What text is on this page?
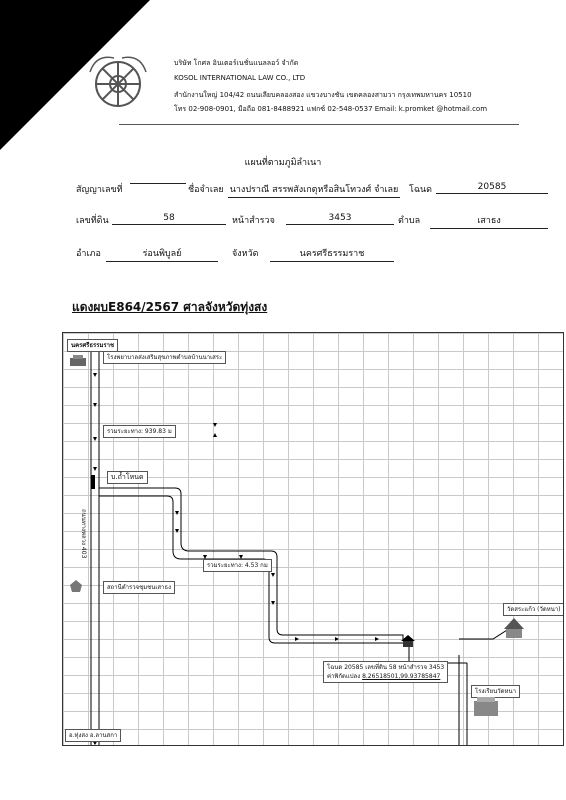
บริษัท โกศล อินเตอร์เนชั่นแนลลอว์ จำกัด
KOSOL INTERNATIONAL LAW CO., LTD
สำนักงานใหญ่ 104/42 ถนนเลียบคลองสอง แขวงบางชัน เขตคลองสามวา กรุงเทพมหานคร 10510
โทร 02-908-0901, มือถือ 081-8488921 แฟกซ์ 02-548-0537 Email: k.promket @hotmail.com
แผนที่ตามภูมิลำเนา
สัญญาเลขที่	ชื่อจำเลย นางปราณี สรรพสังเกตุหรือสินโทวงศ์ จำเลย โฉนด	20585
เลขที่ดิน	58	หน้าสำรวจ	3453	ตำบล	เสาธง
อำเภอ	ร่อนพิบูลย์	จังหวัด	นครศรีธรรมราช
แดงผบE864/2567 ศาลจังหวัดทุ่งสง
นครศรีธรรมราช
โรงพยาบาลส่งเสริมสุขภาพตำบลบ้านนาเสระ
รวมระยะทาง: 939.83 ม
บ.ถ้ำโหนด
ถนนทางหลวง 403
รวมระยะทาง: 4.53 กม
สถานีตำรวจชุมชนเสาธง
วัดสระแก้ว (วัดหนา)
โฉนด 20585 เลขที่ดิน 58 หน้าสำรวจ 3453
ค่าพิกัดแปลง 8.26518501,99.93785847
โรงเรียนวัดหนา
อ.ทุ่งสง อ.ลานสกา
